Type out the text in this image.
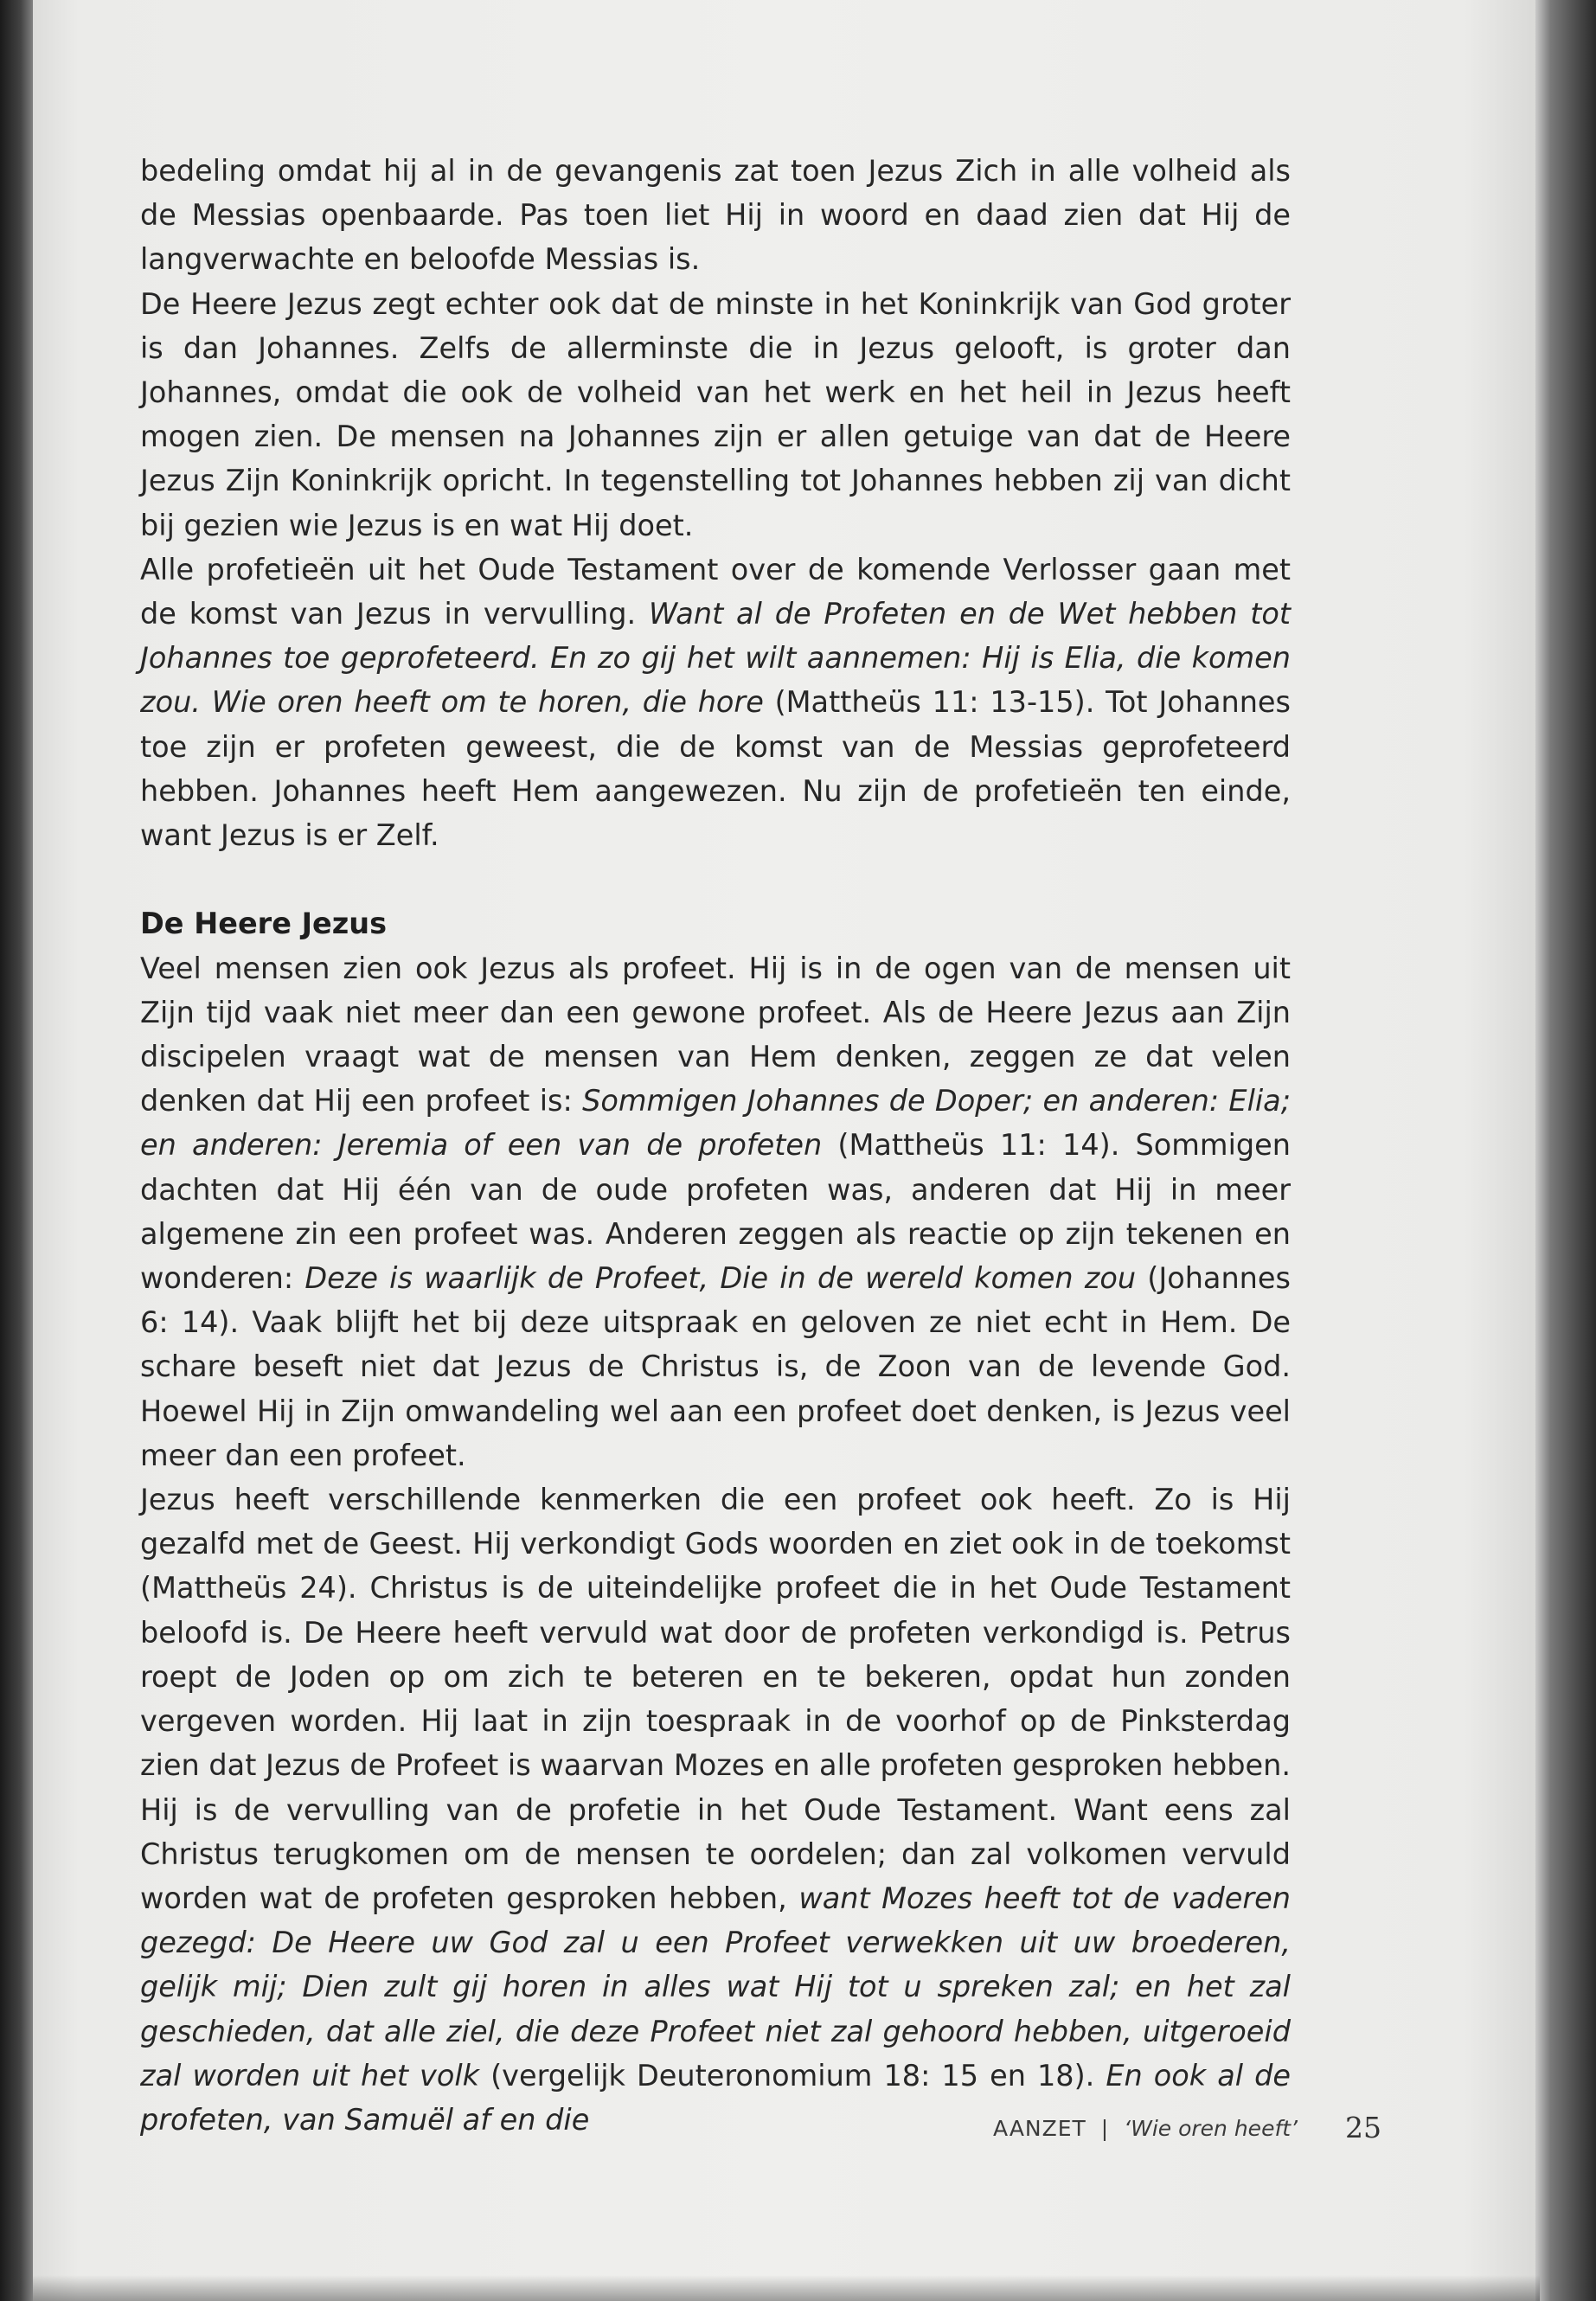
bedeling omdat hij al in de gevangenis zat toen Jezus Zich in alle volheid als de Messias openbaarde. Pas toen liet Hij in woord en daad zien dat Hij de langverwachte en beloofde Messias is.

De Heere Jezus zegt echter ook dat de minste in het Koninkrijk van God groter is dan Johannes. Zelfs de allerminste die in Jezus gelooft, is groter dan Johannes, omdat die ook de volheid van het werk en het heil in Jezus heeft mogen zien. De mensen na Johannes zijn er allen getuige van dat de Heere Jezus Zijn Koninkrijk opricht. In tegenstelling tot Johannes hebben zij van dicht bij gezien wie Jezus is en wat Hij doet.

Alle profetieën uit het Oude Testament over de komende Verlosser gaan met de komst van Jezus in vervulling. Want al de Profeten en de Wet hebben tot Johannes toe geprofeteerd. En zo gij het wilt aannemen: Hij is Elia, die komen zou. Wie oren heeft om te horen, die hore (Mattheüs 11: 13-15). Tot Johannes toe zijn er profeten geweest, die de komst van de Messias geprofeteerd hebben. Johannes heeft Hem aangewezen. Nu zijn de profetieën ten einde, want Jezus is er Zelf.

De Heere Jezus

Veel mensen zien ook Jezus als profeet. Hij is in de ogen van de mensen uit Zijn tijd vaak niet meer dan een gewone profeet. Als de Heere Jezus aan Zijn discipelen vraagt wat de mensen van Hem denken, zeggen ze dat velen denken dat Hij een profeet is: Sommigen Johannes de Doper; en anderen: Elia; en anderen: Jeremia of een van de profeten (Mattheüs 11: 14). Sommigen dachten dat Hij één van de oude profeten was, anderen dat Hij in meer algemene zin een profeet was. Anderen zeggen als reactie op zijn tekenen en wonderen: Deze is waarlijk de Profeet, Die in de wereld komen zou (Johannes 6: 14). Vaak blijft het bij deze uitspraak en geloven ze niet echt in Hem. De schare beseft niet dat Jezus de Christus is, de Zoon van de levende God. Hoewel Hij in Zijn omwandeling wel aan een profeet doet denken, is Jezus veel meer dan een profeet.

Jezus heeft verschillende kenmerken die een profeet ook heeft. Zo is Hij gezalfd met de Geest. Hij verkondigt Gods woorden en ziet ook in de toekomst (Mattheüs 24). Christus is de uiteindelijke profeet die in het Oude Testament beloofd is. De Heere heeft vervuld wat door de profeten verkondigd is. Petrus roept de Joden op om zich te beteren en te bekeren, opdat hun zonden vergeven worden. Hij laat in zijn toespraak in de voorhof op de Pinksterdag zien dat Jezus de Profeet is waarvan Mozes en alle profeten gesproken hebben. Hij is de vervulling van de profetie in het Oude Testament. Want eens zal Christus terugkomen om de mensen te oordelen; dan zal volkomen vervuld worden wat de profeten gesproken hebben, want Mozes heeft tot de vaderen gezegd: De Heere uw God zal u een Profeet verwekken uit uw broederen, gelijk mij; Dien zult gij horen in alles wat Hij tot u spreken zal; en het zal geschieden, dat alle ziel, die deze Profeet niet zal gehoord hebben, uitgeroeid zal worden uit het volk (vergelijk Deuteronomium 18: 15 en 18). En ook al de profeten, van Samuël af en die	AANZET | ‘Wie oren heeft’ 25
